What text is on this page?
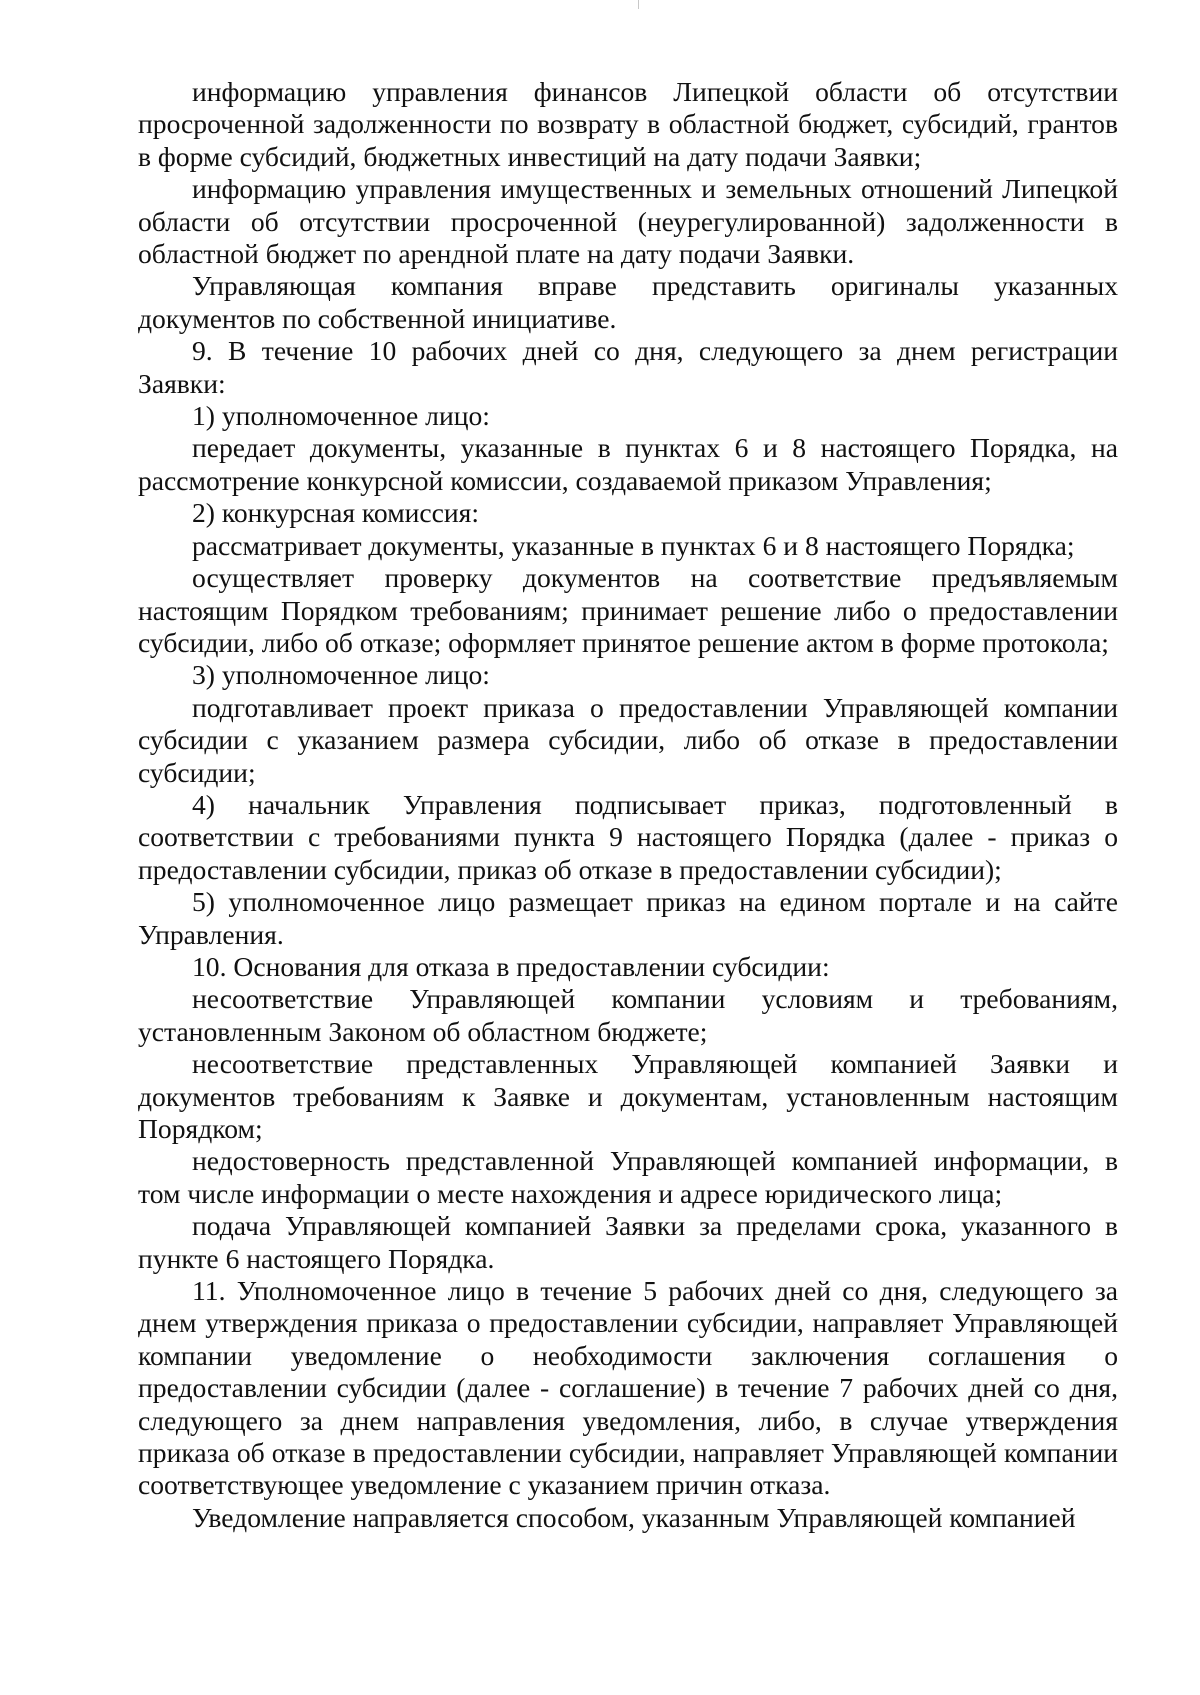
информацию управления финансов Липецкой области об отсутствии просроченной задолженности по возврату в областной бюджет, субсидий, грантов в форме субсидий, бюджетных инвестиций на дату подачи Заявки;

информацию управления имущественных и земельных отношений Липецкой области об отсутствии просроченной (неурегулированной) задолженности в областной бюджет по арендной плате на дату подачи Заявки.

Управляющая компания вправе представить оригиналы указанных документов по собственной инициативе.

9. В течение 10 рабочих дней со дня, следующего за днем регистрации Заявки:

1) уполномоченное лицо:

передает документы, указанные в пунктах 6 и 8 настоящего Порядка, на рассмотрение конкурсной комиссии, создаваемой приказом Управления;

2) конкурсная комиссия:

рассматривает документы, указанные в пунктах 6 и 8 настоящего Порядка;

осуществляет проверку документов на соответствие предъявляемым настоящим Порядком требованиям; принимает решение либо о предоставлении субсидии, либо об отказе; оформляет принятое решение актом в форме протокола;

3) уполномоченное лицо:

подготавливает проект приказа о предоставлении Управляющей компании субсидии с указанием размера субсидии, либо об отказе в предоставлении субсидии;

4) начальник Управления подписывает приказ, подготовленный в соответствии с требованиями пункта 9 настоящего Порядка (далее - приказ о предоставлении субсидии, приказ об отказе в предоставлении субсидии);

5) уполномоченное лицо размещает приказ на едином портале и на сайте Управления.

10. Основания для отказа в предоставлении субсидии:

несоответствие Управляющей компании условиям и требованиям, установленным Законом об областном бюджете;

несоответствие представленных Управляющей компанией Заявки и документов требованиям к Заявке и документам, установленным настоящим Порядком;

недостоверность представленной Управляющей компанией информации, в том числе информации о месте нахождения и адресе юридического лица;

подача Управляющей компанией Заявки за пределами срока, указанного в пункте 6 настоящего Порядка.

11. Уполномоченное лицо в течение 5 рабочих дней со дня, следующего за днем утверждения приказа о предоставлении субсидии, направляет Управляющей компании уведомление о необходимости заключения соглашения о предоставлении субсидии (далее - соглашение) в течение 7 рабочих дней со дня, следующего за днем направления уведомления, либо, в случае утверждения приказа об отказе в предоставлении субсидии, направляет Управляющей компании соответствующее уведомление с указанием причин отказа.

Уведомление направляется способом, указанным Управляющей компанией
